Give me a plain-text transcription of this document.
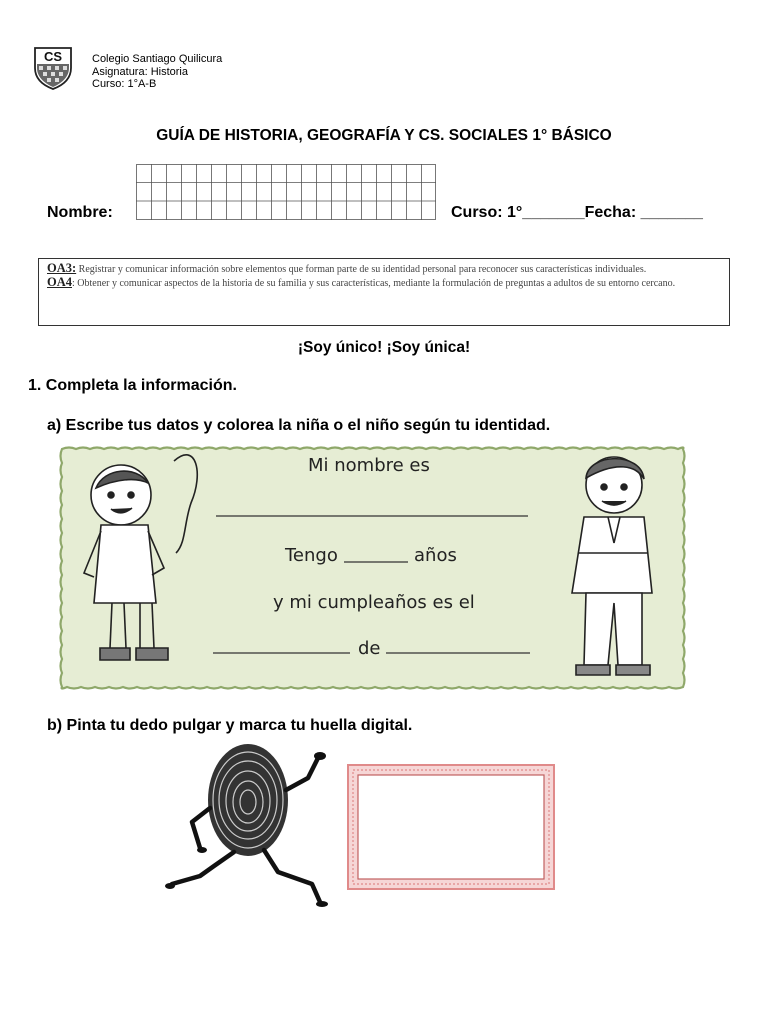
CS	Colegio Santiago Quilicura
Asignatura: Historia
Curso: 1°A-B
GUÍA DE HISTORIA, GEOGRAFÍA Y CS. SOCIALES 1° BÁSICO
Nombre:	Curso: 1°_______Fecha: _______
OA3: Registrar y comunicar información sobre elementos que forman parte de su identidad personal para reconocer sus características individuales.
OA4: Obtener y comunicar aspectos de la historia de su familia y sus características, mediante la formulación de preguntas a adultos de su entorno cercano.
¡Soy único! ¡Soy única!
1. Completa la información.
a) Escribe tus datos y colorea la niña o el niño según tu identidad.
Mi nombre es
Tengo	años
y mi cumpleaños es el
de
b) Pinta tu dedo pulgar y marca tu huella digital.
